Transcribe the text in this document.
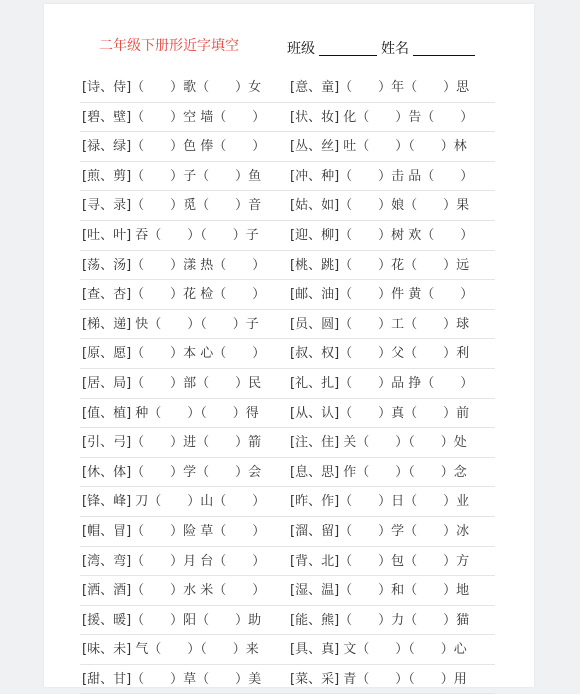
二年级下册形近字填空	班级	姓名
[诗、侍]（　　）歌（　　）女 [意、童]（　　）年（　　）思
[碧、壁]（　　）空 墙（　　） [状、妆] 化（　　）告（　　）
[禄、绿]（　　）色 俸（　　） [丛、丝] 吐（　　）（　　）林
[煎、剪]（　　）子（　　）鱼 [冲、种]（　　）击 品（　　）
[寻、录]（　　）觅（　　）音 [姑、如]（　　）娘（　　）果
[吐、叶] 吞（　　）（　　）子 [迎、柳]（　　）树 欢（　　）
[荡、汤]（　　）漾 热（　　） [桃、跳]（　　）花（　　）远
[查、杏]（　　）花 检（　　） [邮、油]（　　）件 黄（　　）
[梯、递] 快（　　）（　　）子 [员、圆]（　　）工（　　）球
[原、愿]（　　）本 心（　　） [叔、权]（　　）父（　　）利
[居、局]（　　）部（　　）民 [礼、扎]（　　）品 挣（　　）
[值、植] 种（　　）（　　）得 [从、认]（　　）真（　　）前
[引、弓]（　　）进（　　）箭 [注、住] 关（　　）（　　）处
[休、体]（　　）学（　　）会 [息、思] 作（　　）（　　）念
[锋、峰] 刀（　　）山（　　） [昨、作]（　　）日（　　）业
[帽、冒]（　　）险 草（　　） [溜、留]（　　）学（　　）冰
[湾、弯]（　　）月 台（　　） [背、北]（　　）包（　　）方
[洒、酒]（　　）水 米（　　） [湿、温]（　　）和（　　）地
[援、暖]（　　）阳（　　）助 [能、熊]（　　）力（　　）猫
[味、未] 气（　　）（　　）来 [具、真] 文（　　）（　　）心
[甜、甘]（　　）草（　　）美 [菜、采] 青（　　）（　　）用
